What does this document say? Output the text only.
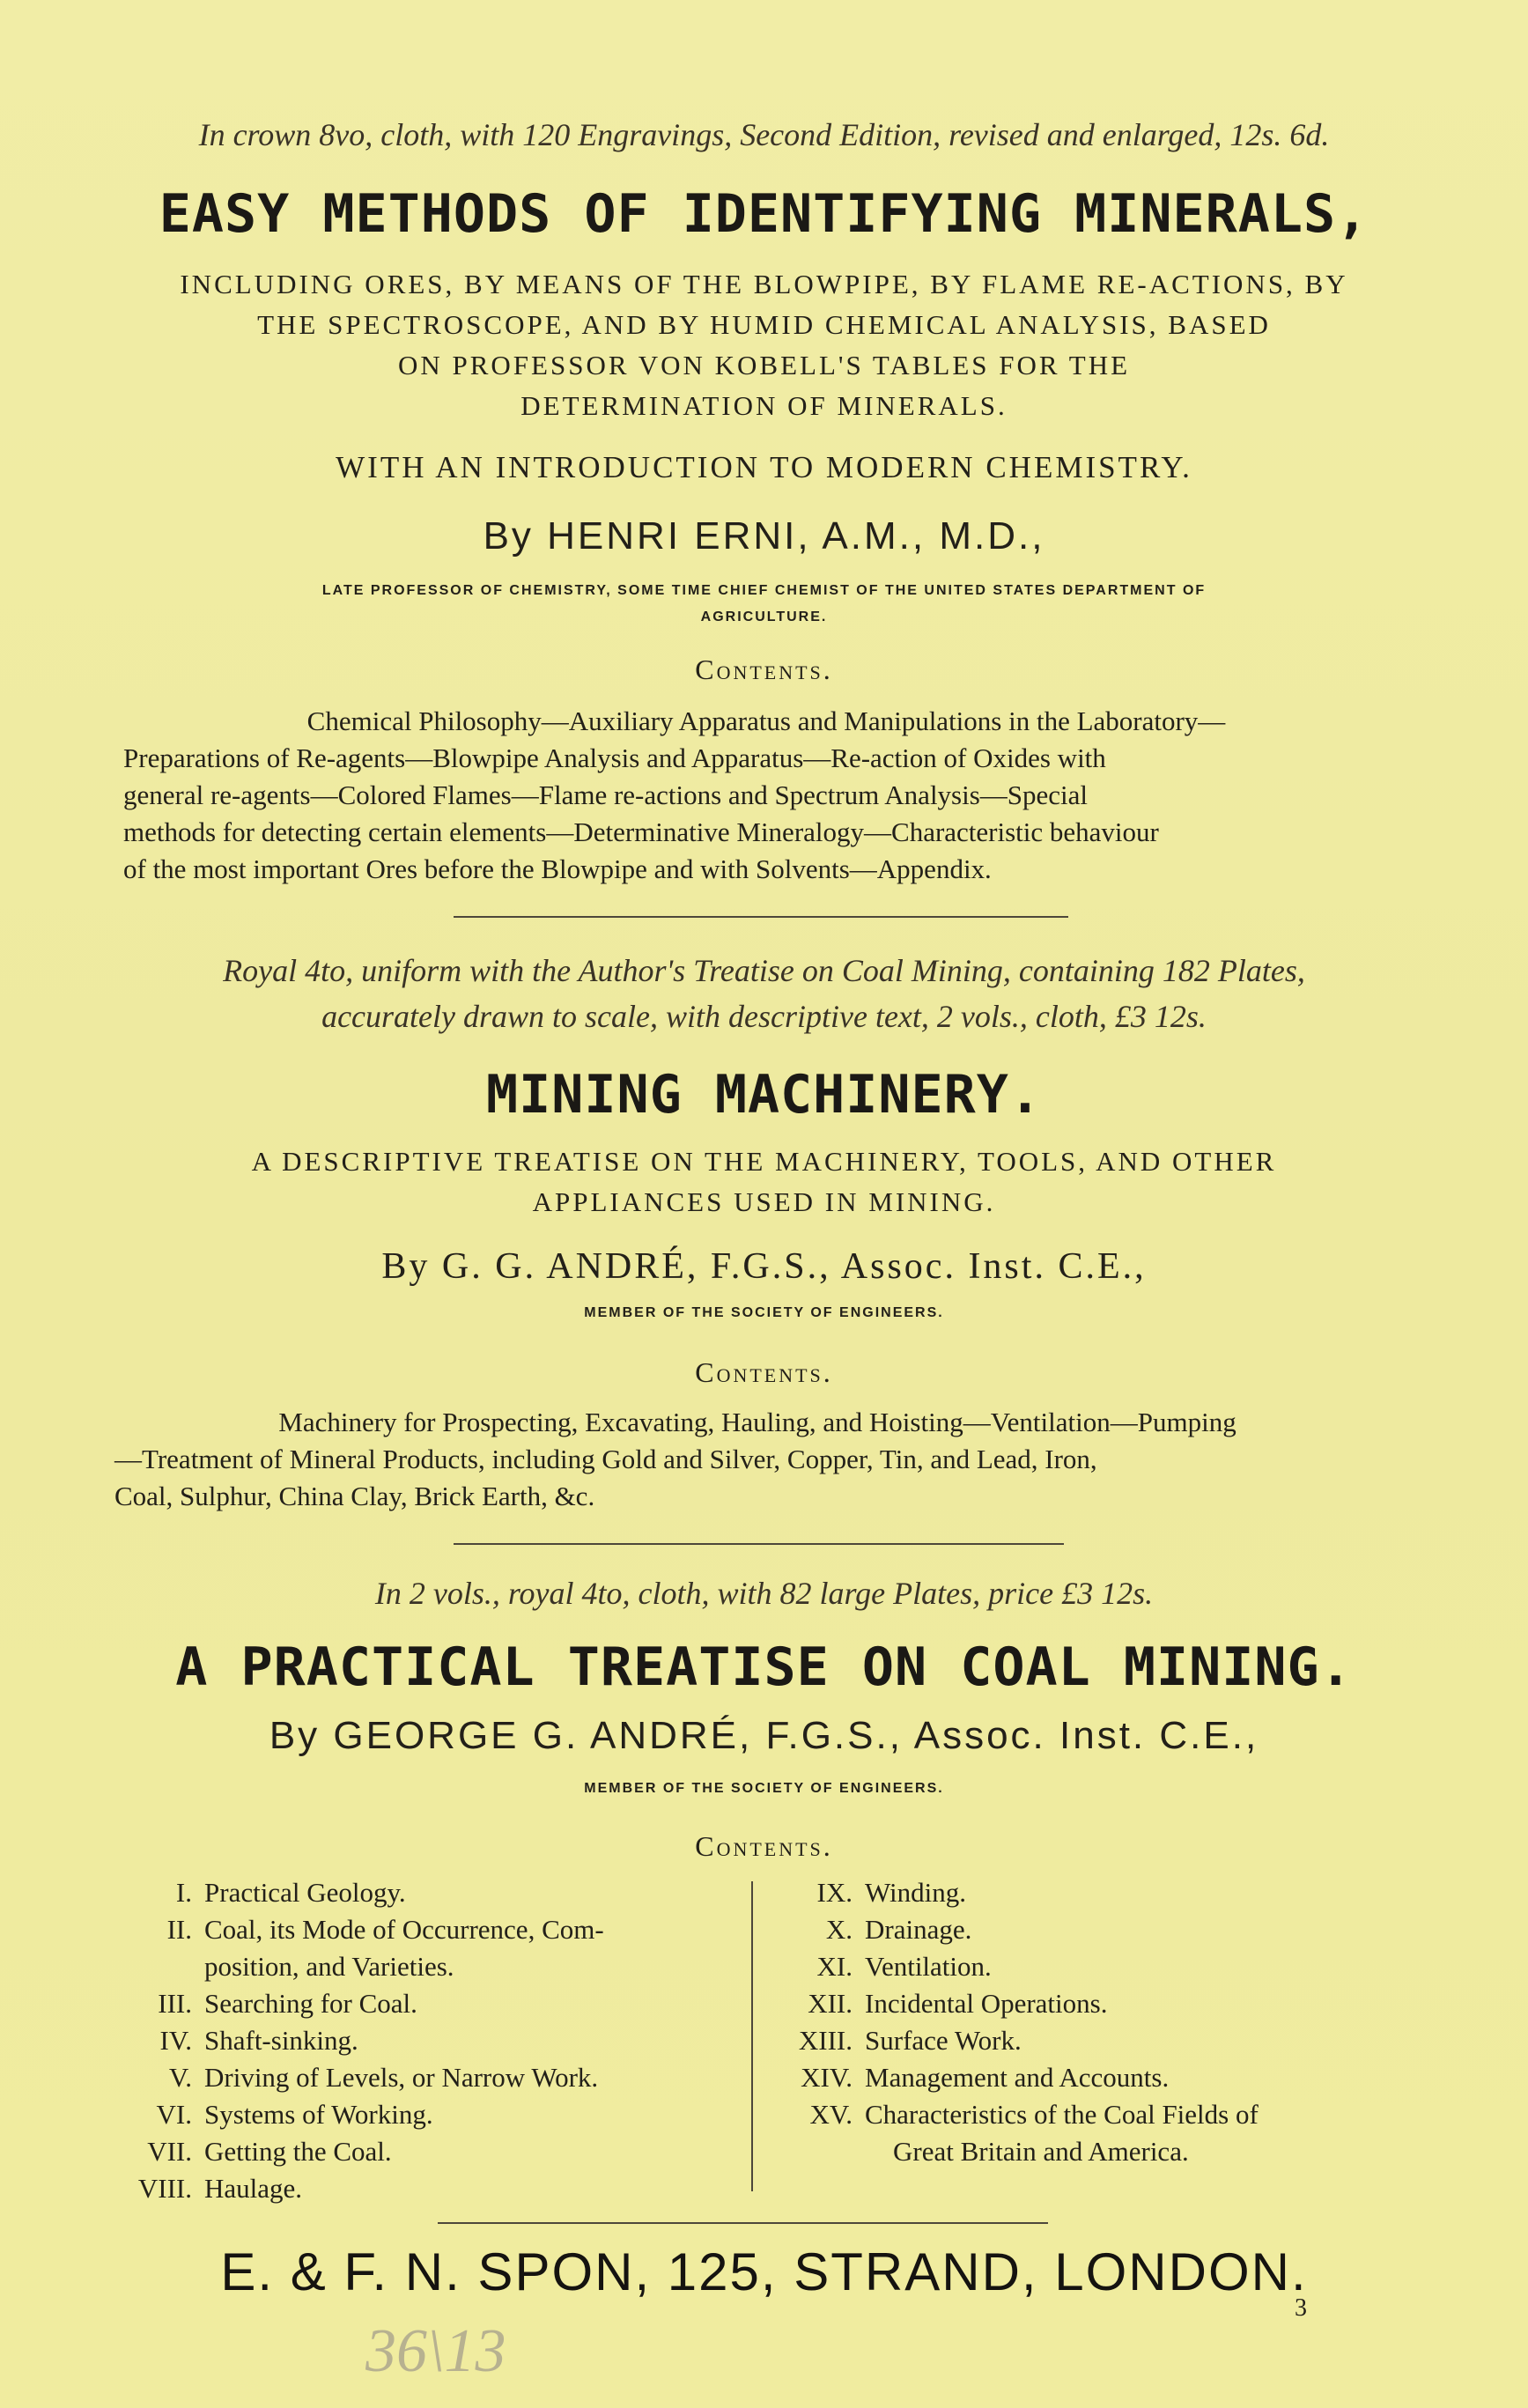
In crown 8vo, cloth, with 120 Engravings, Second Edition, revised and enlarged, 12s. 6d.
EASY METHODS OF IDENTIFYING MINERALS,
INCLUDING ORES, BY MEANS OF THE BLOWPIPE, BY FLAME RE-ACTIONS, BY
THE SPECTROSCOPE, AND BY HUMID CHEMICAL ANALYSIS, BASED
ON PROFESSOR VON KOBELL'S TABLES FOR THE
DETERMINATION OF MINERALS.
WITH AN INTRODUCTION TO MODERN CHEMISTRY.
By HENRI ERNI, A.M., M.D.,
LATE PROFESSOR OF CHEMISTRY, SOME TIME CHIEF CHEMIST OF THE UNITED STATES DEPARTMENT OF
AGRICULTURE.
Contents.
Chemical Philosophy—Auxiliary Apparatus and Manipulations in the Laboratory—
Preparations of Re-agents—Blowpipe Analysis and Apparatus—Re-action of Oxides with
general re-agents—Colored Flames—Flame re-actions and Spectrum Analysis—Special
methods for detecting certain elements—Determinative Mineralogy—Characteristic behaviour
of the most important Ores before the Blowpipe and with Solvents—Appendix.
Royal 4to, uniform with the Author's Treatise on Coal Mining, containing 182 Plates,
accurately drawn to scale, with descriptive text, 2 vols., cloth, £3 12s.
MINING MACHINERY.
A DESCRIPTIVE TREATISE ON THE MACHINERY, TOOLS, AND OTHER
APPLIANCES USED IN MINING.
By G. G. ANDRÉ, F.G.S., Assoc. Inst. C.E.,
MEMBER OF THE SOCIETY OF ENGINEERS.
Contents.
Machinery for Prospecting, Excavating, Hauling, and Hoisting—Ventilation—Pumping
—Treatment of Mineral Products, including Gold and Silver, Copper, Tin, and Lead, Iron,
Coal, Sulphur, China Clay, Brick Earth, &c.
In 2 vols., royal 4to, cloth, with 82 large Plates, price £3 12s.
A PRACTICAL TREATISE ON COAL MINING.
By GEORGE G. ANDRÉ, F.G.S., Assoc. Inst. C.E.,
MEMBER OF THE SOCIETY OF ENGINEERS.
Contents.
I. Practical Geology.
II. Coal, its Mode of Occurrence, Com-
position, and Varieties.
III. Searching for Coal.
IV. Shaft-sinking.
V. Driving of Levels, or Narrow Work.
VI. Systems of Working.
VII. Getting the Coal.
VIII. Haulage.
IX. Winding.
X. Drainage.
XI. Ventilation.
XII. Incidental Operations.
XIII. Surface Work.
XIV. Management and Accounts.
XV. Characteristics of the Coal Fields of
Great Britain and America.
E. & F. N. SPON, 125, STRAND, LONDON.
3
36\13
